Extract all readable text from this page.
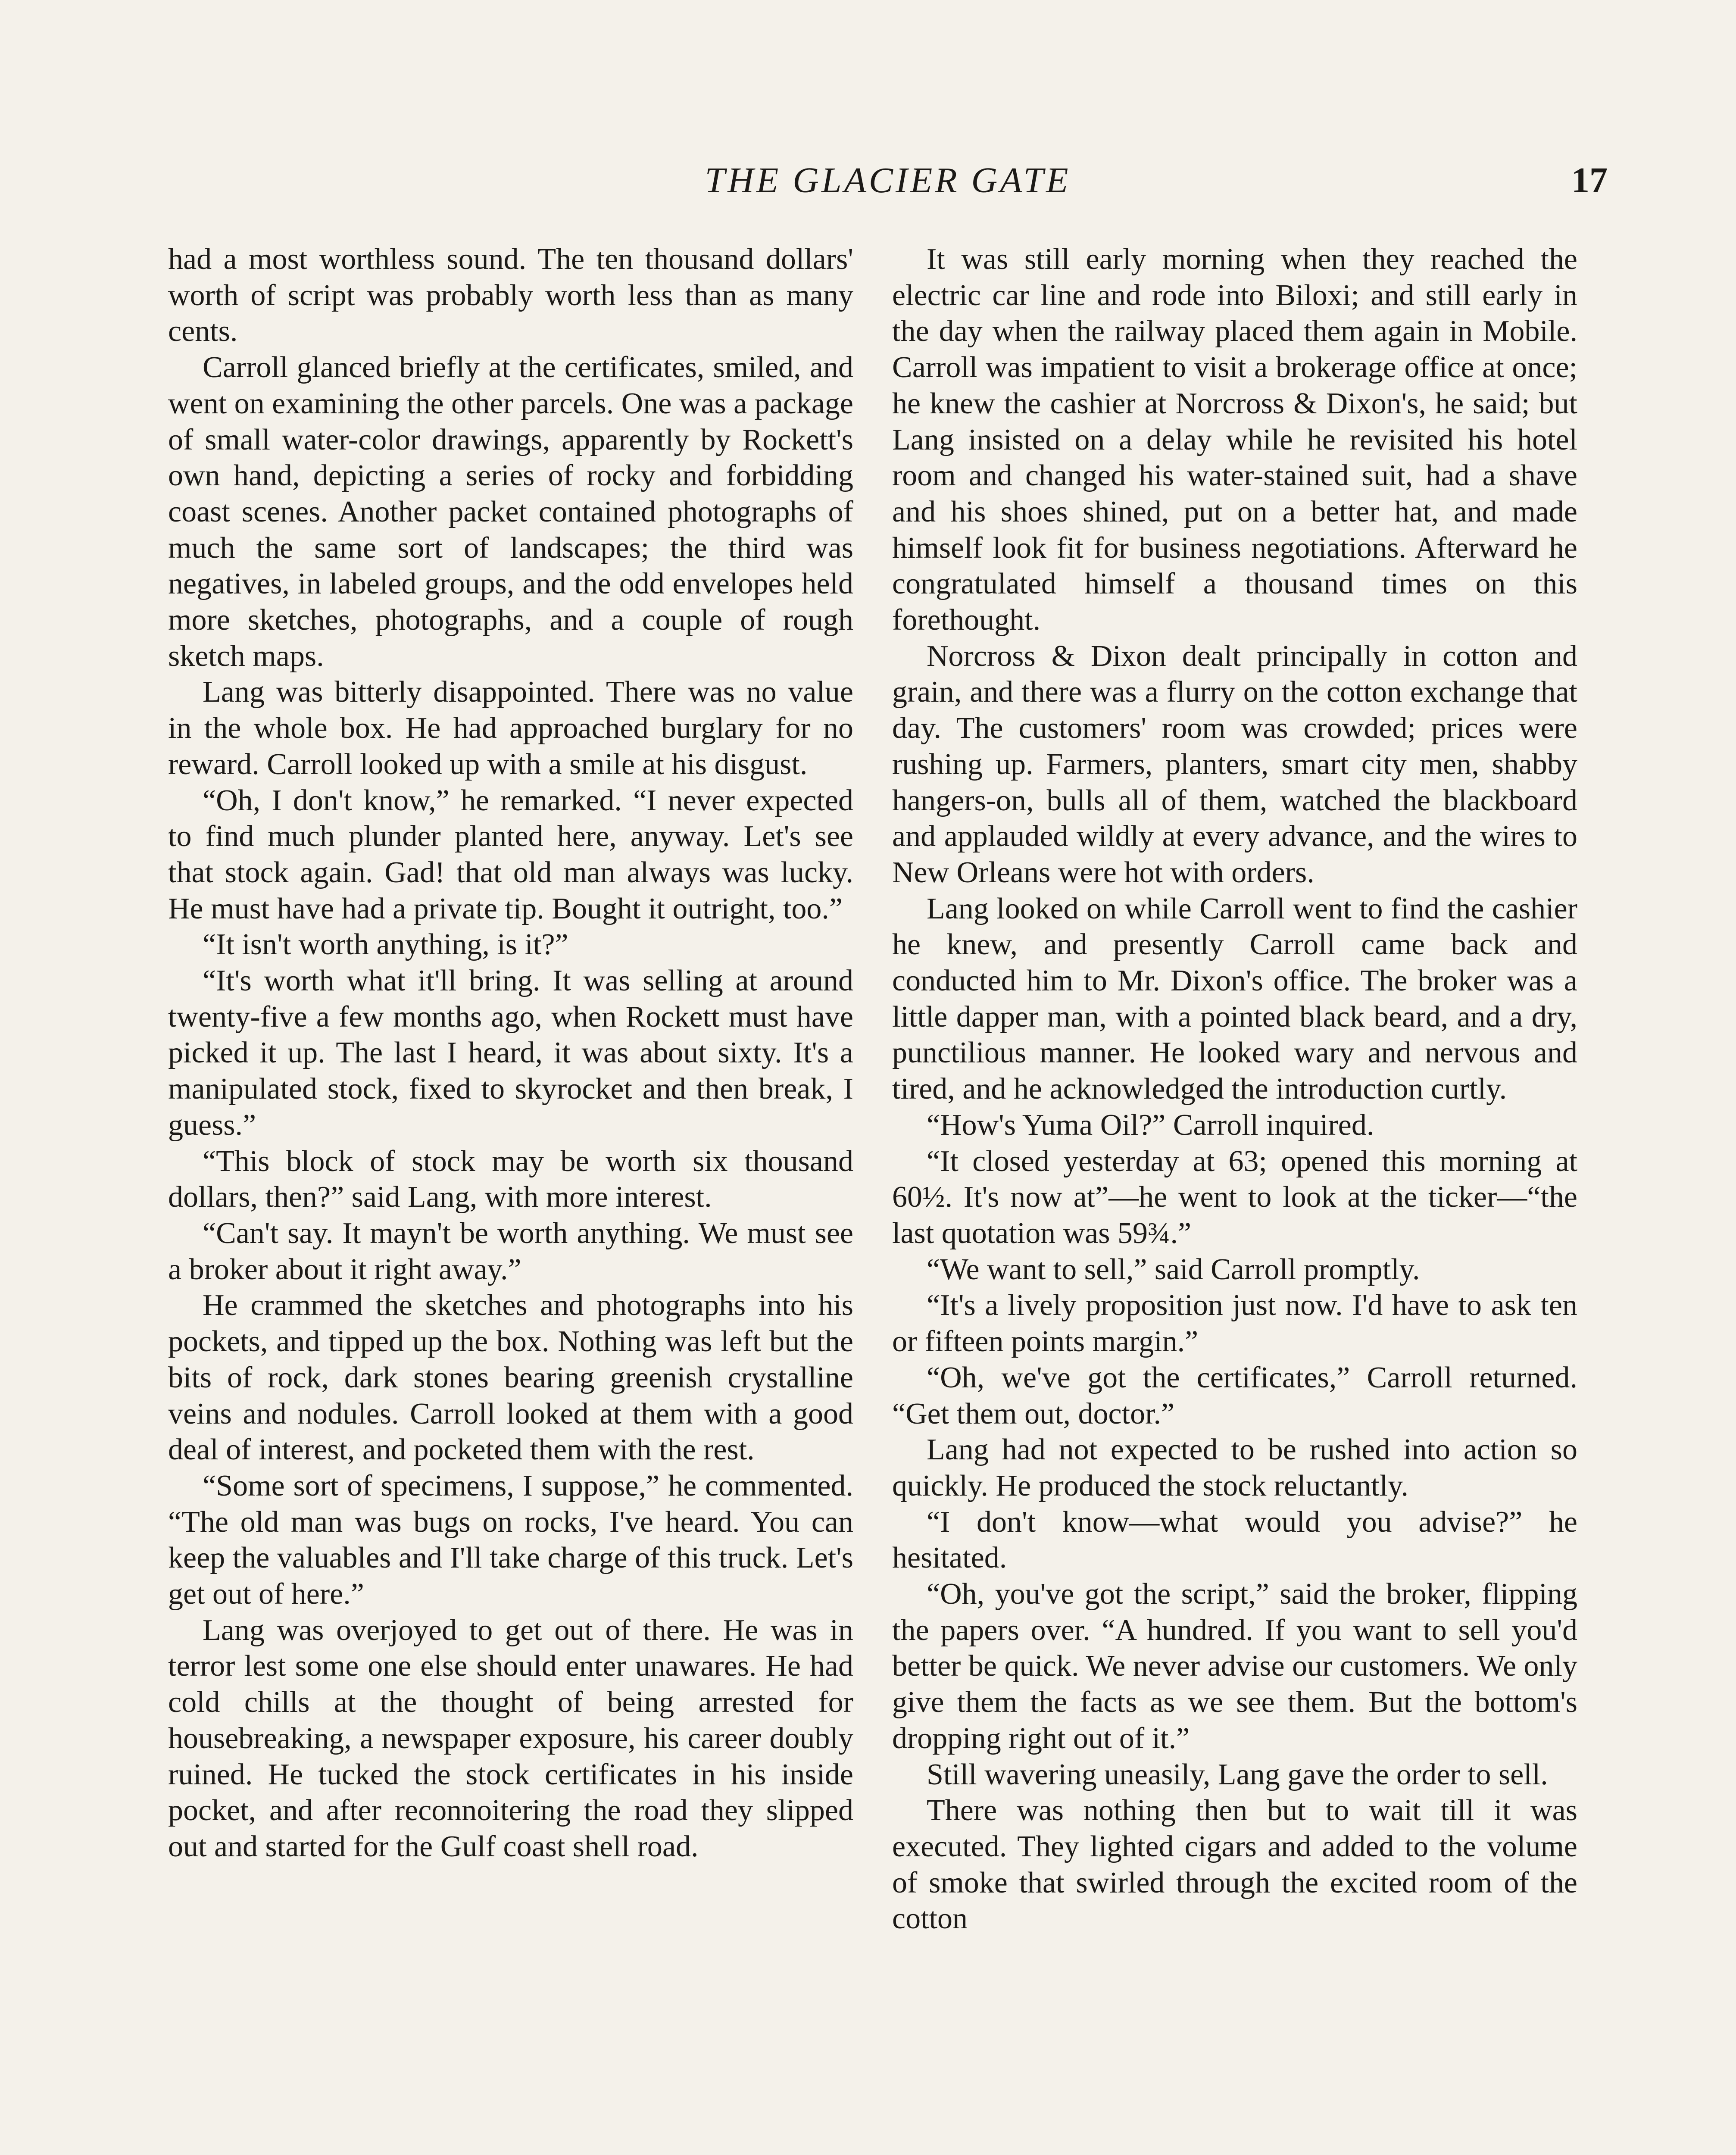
THE GLACIER GATE	17

had a most worthless sound. The ten thousand dollars' worth of script was probably worth less than as many cents.

Carroll glanced briefly at the certificates, smiled, and went on examining the other parcels. One was a package of small water-color drawings, apparently by Rockett's own hand, depicting a series of rocky and forbidding coast scenes. Another packet contained photographs of much the same sort of landscapes; the third was negatives, in labeled groups, and the odd envelopes held more sketches, photographs, and a couple of rough sketch maps.

Lang was bitterly disappointed. There was no value in the whole box. He had approached burglary for no reward. Carroll looked up with a smile at his disgust.

“Oh, I don't know,” he remarked. “I never expected to find much plunder planted here, anyway. Let's see that stock again. Gad! that old man always was lucky. He must have had a private tip. Bought it outright, too.”

“It isn't worth anything, is it?”

“It's worth what it'll bring. It was selling at around twenty-five a few months ago, when Rockett must have picked it up. The last I heard, it was about sixty. It's a manipulated stock, fixed to skyrocket and then break, I guess.”

“This block of stock may be worth six thousand dollars, then?” said Lang, with more interest.

“Can't say. It mayn't be worth anything. We must see a broker about it right away.”

He crammed the sketches and photographs into his pockets, and tipped up the box. Nothing was left but the bits of rock, dark stones bearing greenish crystalline veins and nodules. Carroll looked at them with a good deal of interest, and pocketed them with the rest.

“Some sort of specimens, I suppose,” he commented. “The old man was bugs on rocks, I've heard. You can keep the valuables and I'll take charge of this truck. Let's get out of here.”

Lang was overjoyed to get out of there. He was in terror lest some one else should enter unawares. He had cold chills at the thought of being arrested for housebreaking, a newspaper exposure, his career doubly ruined. He tucked the stock certificates in his inside pocket, and after reconnoitering the road they slipped out and started for the Gulf coast shell road.

It was still early morning when they reached the electric car line and rode into Biloxi; and still early in the day when the railway placed them again in Mobile. Carroll was impatient to visit a brokerage office at once; he knew the cashier at Norcross & Dixon's, he said; but Lang insisted on a delay while he revisited his hotel room and changed his water-stained suit, had a shave and his shoes shined, put on a better hat, and made himself look fit for business negotiations. Afterward he congratulated himself a thousand times on this forethought.

Norcross & Dixon dealt principally in cotton and grain, and there was a flurry on the cotton exchange that day. The customers' room was crowded; prices were rushing up. Farmers, planters, smart city men, shabby hangers-on, bulls all of them, watched the blackboard and applauded wildly at every advance, and the wires to New Orleans were hot with orders.

Lang looked on while Carroll went to find the cashier he knew, and presently Carroll came back and conducted him to Mr. Dixon's office. The broker was a little dapper man, with a pointed black beard, and a dry, punctilious manner. He looked wary and nervous and tired, and he acknowledged the introduction curtly.

“How's Yuma Oil?” Carroll inquired.

“It closed yesterday at 63; opened this morning at 60½. It's now at”—he went to look at the ticker—“the last quotation was 59¾.”

“We want to sell,” said Carroll promptly.

“It's a lively proposition just now. I'd have to ask ten or fifteen points margin.”

“Oh, we've got the certificates,” Carroll returned. “Get them out, doctor.”

Lang had not expected to be rushed into action so quickly. He produced the stock reluctantly.

“I don't know—what would you advise?” he hesitated.

“Oh, you've got the script,” said the broker, flipping the papers over. “A hundred. If you want to sell you'd better be quick. We never advise our customers. We only give them the facts as we see them. But the bottom's dropping right out of it.”

Still wavering uneasily, Lang gave the order to sell.

There was nothing then but to wait till it was executed. They lighted cigars and added to the volume of smoke that swirled through the excited room of the cotton
